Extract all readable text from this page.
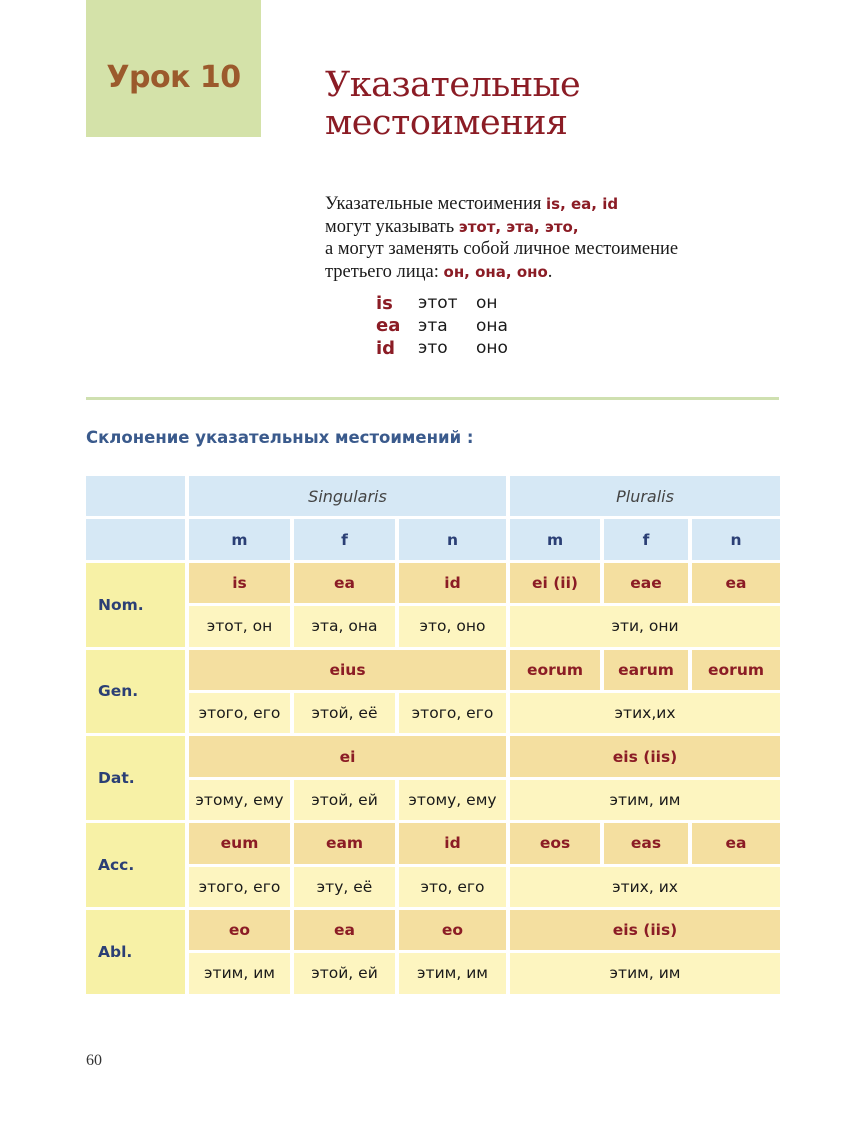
Урок 10 Указательные
местоимения
Указательные местоимения is, ea, id
могут указывать этот, эта, это,
а могут заменять собой личное местоимение
третьего лица: он, она, оно.
is	этот	он
ea	эта	она
id	это	оно
Склонение указательных местоимений :
	Singularis			Pluralis		
	m	f	n	m	f	n
Nom.	is	ea	id	ei (ii)	eae	ea
	этот, он	эта, она	это, оно	эти, они		
Gen.	eius			eorum	earum	eorum
	этого, его	этой, её	этого, его	этих,их		
Dat.	ei			eis (iis)		
	этому, ему	этой, ей	этому, ему	этим, им		
Acc.	eum	eam	id	eos	eas	ea
	этого, его	эту, её	это, его	этих, их		
Abl.	eo	ea	eo	eis (iis)		
	этим, им	этой, ей	этим, им	этим, им		
60
